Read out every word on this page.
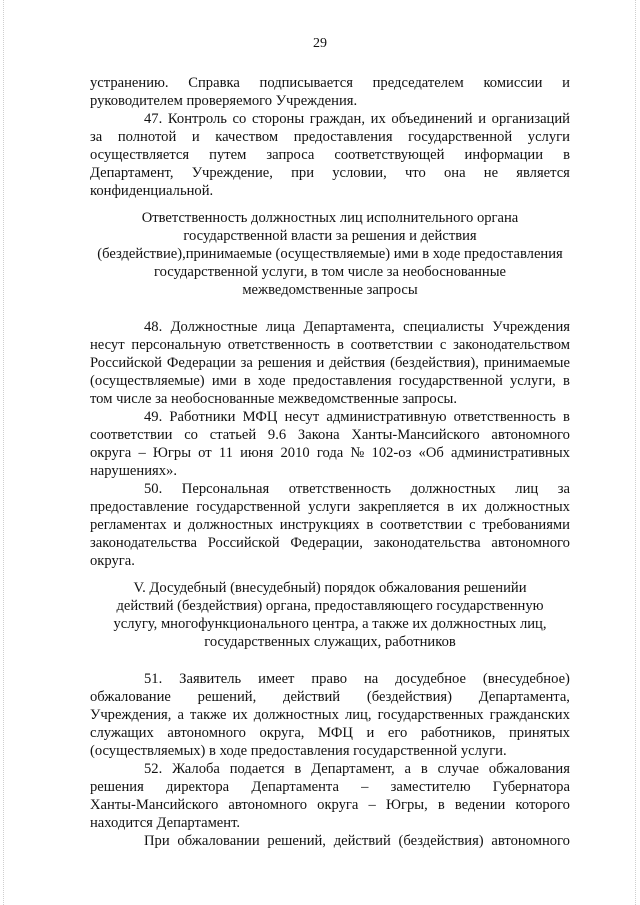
29
устранению. Справка подписывается председателем комиссии и
руководителем проверяемого Учреждения.
47. Контроль со стороны граждан, их объединений и организаций
за полнотой и качеством предоставления государственной услуги
осуществляется путем запроса соответствующей информации в
Департамент, Учреждение, при условии, что она не является
конфиденциальной.
Ответственность должностных лиц исполнительного органа
государственной власти за решения и действия
(бездействие),принимаемые (осуществляемые) ими в ходе предоставления
государственной услуги, в том числе за необоснованные
межведомственные запросы
48. Должностные лица Департамента, специалисты Учреждения
несут персональную ответственность в соответствии с законодательством
Российской Федерации за решения и действия (бездействия), принимаемые
(осуществляемые) ими в ходе предоставления государственной услуги, в
том числе за необоснованные межведомственные запросы.
49. Работники МФЦ несут административную ответственность в
соответствии со статьей 9.6 Закона Ханты-Мансийского автономного
округа – Югры от 11 июня 2010 года № 102-оз «Об административных
нарушениях».
50. Персональная ответственность должностных лиц за
предоставление государственной услуги закрепляется в их должностных
регламентах и должностных инструкциях в соответствии с требованиями
законодательства Российской Федерации, законодательства автономного
округа.
V. Досудебный (внесудебный) порядок обжалования решенийи
действий (бездействия) органа, предоставляющего государственную
услугу, многофункционального центра, а также их должностных лиц,
государственных служащих, работников
51. Заявитель имеет право на досудебное (внесудебное)
обжалование решений, действий (бездействия) Департамента,
Учреждения, а также их должностных лиц, государственных гражданских
служащих автономного округа, МФЦ и его работников, принятых
(осуществляемых) в ходе предоставления государственной услуги.
52. Жалоба подается в Департамент, а в случае обжалования
решения директора Департамента – заместителю Губернатора
Ханты-Мансийского автономного округа – Югры, в ведении которого
находится Департамент.
При обжаловании решений, действий (бездействия) автономного
